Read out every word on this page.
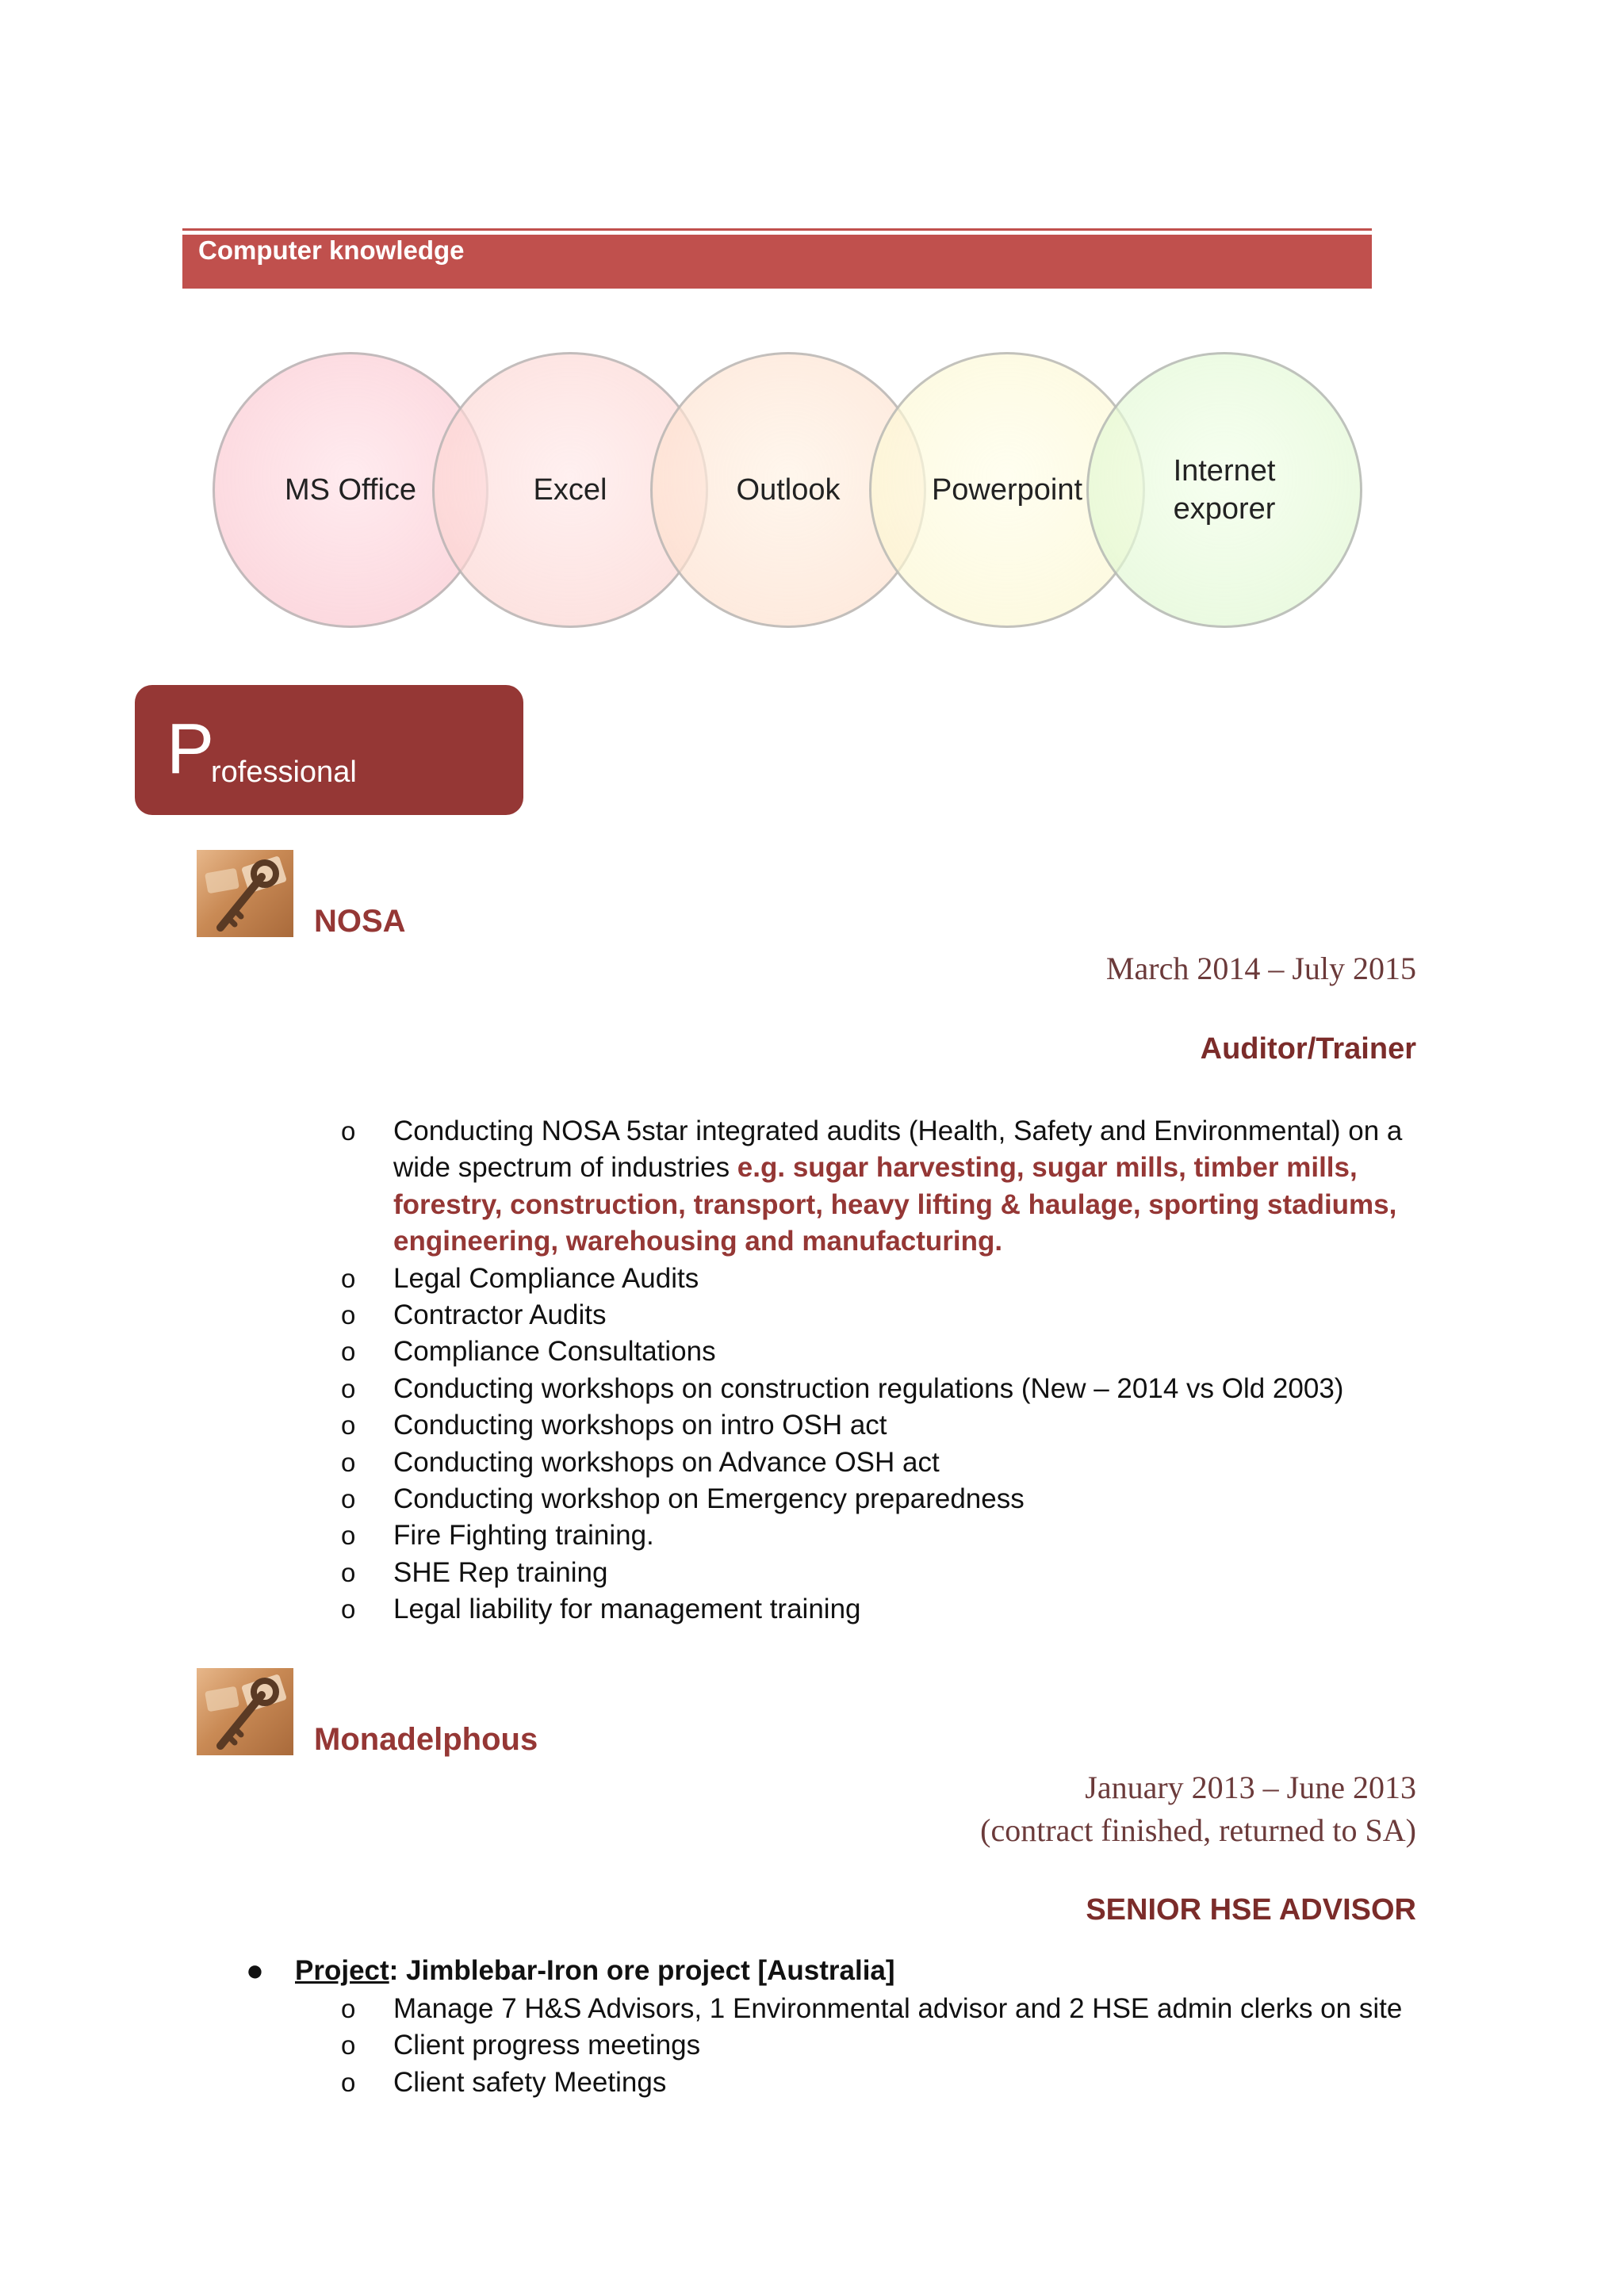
Computer knowledge
MS Office	Excel	Outlook	Powerpoint
Internet
exporer
P
rofessional
NOSA
March 2014 – July 2015
Auditor/Trainer
o Conducting NOSA 5star integrated audits (Health, Safety and Environmental) on a wide spectrum of industries e.g. sugar harvesting, sugar mills, timber mills, forestry, construction, transport, heavy lifting & haulage, sporting stadiums, engineering, warehousing and manufacturing.
o Legal Compliance Audits
o Contractor Audits
o Compliance Consultations
o Conducting workshops on construction regulations (New – 2014 vs Old 2003)
o Conducting workshops on intro OSH act
o Conducting workshops on Advance OSH act
o Conducting workshop on Emergency preparedness
o Fire Fighting training.
o SHE Rep training
o Legal liability for management training
Monadelphous
January 2013 – June 2013
(contract finished, returned to SA)
SENIOR HSE ADVISOR
● Project: Jimblebar-Iron ore project [Australia]
o Manage 7 H&S Advisors, 1 Environmental advisor and 2 HSE admin clerks on site
o Client progress meetings
o Client safety Meetings
